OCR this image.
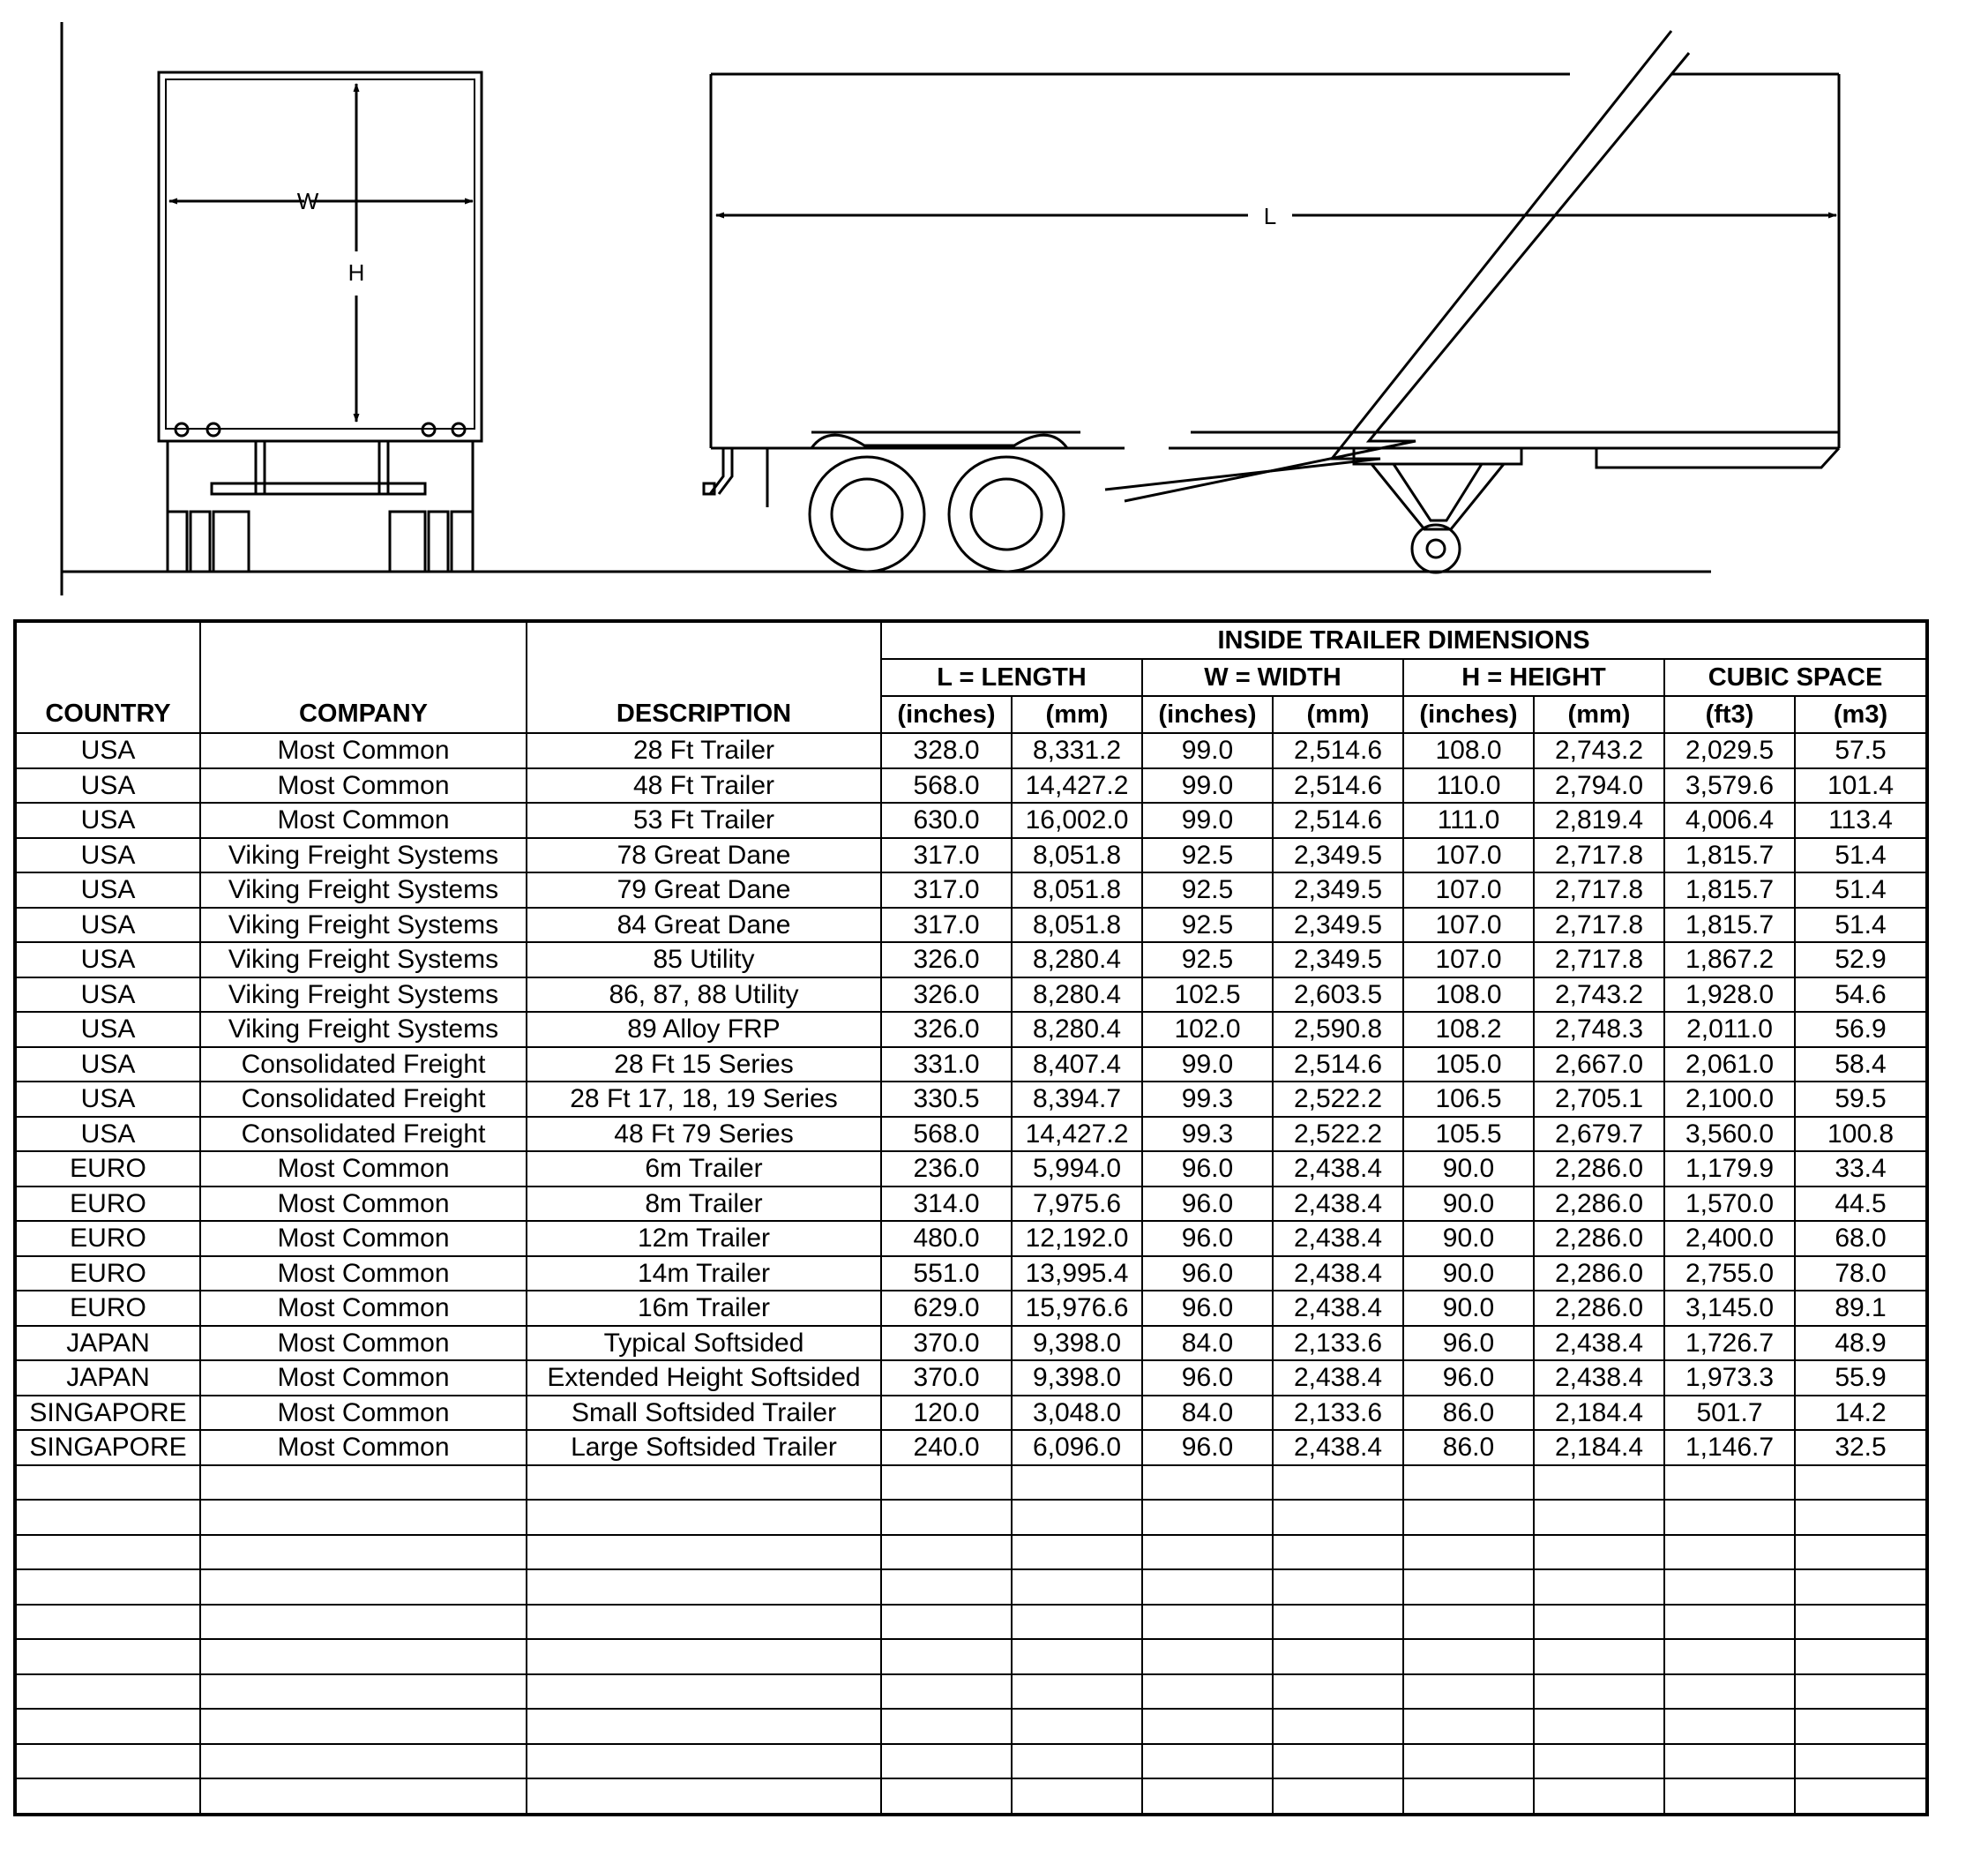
W
H
L
COUNTRY	COMPANY	DESCRIPTION	INSIDE TRAILER DIMENSIONS							
			L = LENGTH		W = WIDTH		H = HEIGHT		CUBIC SPACE	
			(inches)	(mm)	(inches)	(mm)	(inches)	(mm)	(ft3)	(m3)
USA	Most Common	28 Ft Trailer	328.0	8,331.2	99.0	2,514.6	108.0	2,743.2	2,029.5	57.5
USA	Most Common	48 Ft Trailer	568.0	14,427.2	99.0	2,514.6	110.0	2,794.0	3,579.6	101.4
USA	Most Common	53 Ft Trailer	630.0	16,002.0	99.0	2,514.6	111.0	2,819.4	4,006.4	113.4
USA	Viking Freight Systems	78 Great Dane	317.0	8,051.8	92.5	2,349.5	107.0	2,717.8	1,815.7	51.4
USA	Viking Freight Systems	79 Great Dane	317.0	8,051.8	92.5	2,349.5	107.0	2,717.8	1,815.7	51.4
USA	Viking Freight Systems	84 Great Dane	317.0	8,051.8	92.5	2,349.5	107.0	2,717.8	1,815.7	51.4
USA	Viking Freight Systems	85 Utility	326.0	8,280.4	92.5	2,349.5	107.0	2,717.8	1,867.2	52.9
USA	Viking Freight Systems	86, 87, 88 Utility	326.0	8,280.4	102.5	2,603.5	108.0	2,743.2	1,928.0	54.6
USA	Viking Freight Systems	89 Alloy FRP	326.0	8,280.4	102.0	2,590.8	108.2	2,748.3	2,011.0	56.9
USA	Consolidated Freight	28 Ft 15 Series	331.0	8,407.4	99.0	2,514.6	105.0	2,667.0	2,061.0	58.4
USA	Consolidated Freight	28 Ft 17, 18, 19 Series	330.5	8,394.7	99.3	2,522.2	106.5	2,705.1	2,100.0	59.5
USA	Consolidated Freight	48 Ft 79 Series	568.0	14,427.2	99.3	2,522.2	105.5	2,679.7	3,560.0	100.8
EURO	Most Common	6m Trailer	236.0	5,994.0	96.0	2,438.4	90.0	2,286.0	1,179.9	33.4
EURO	Most Common	8m Trailer	314.0	7,975.6	96.0	2,438.4	90.0	2,286.0	1,570.0	44.5
EURO	Most Common	12m Trailer	480.0	12,192.0	96.0	2,438.4	90.0	2,286.0	2,400.0	68.0
EURO	Most Common	14m Trailer	551.0	13,995.4	96.0	2,438.4	90.0	2,286.0	2,755.0	78.0
EURO	Most Common	16m Trailer	629.0	15,976.6	96.0	2,438.4	90.0	2,286.0	3,145.0	89.1
JAPAN	Most Common	Typical Softsided	370.0	9,398.0	84.0	2,133.6	96.0	2,438.4	1,726.7	48.9
JAPAN	Most Common	Extended Height Softsided	370.0	9,398.0	96.0	2,438.4	96.0	2,438.4	1,973.3	55.9
SINGAPORE	Most Common	Small Softsided Trailer	120.0	3,048.0	84.0	2,133.6	86.0	2,184.4	501.7	14.2
SINGAPORE	Most Common	Large Softsided Trailer	240.0	6,096.0	96.0	2,438.4	86.0	2,184.4	1,146.7	32.5
